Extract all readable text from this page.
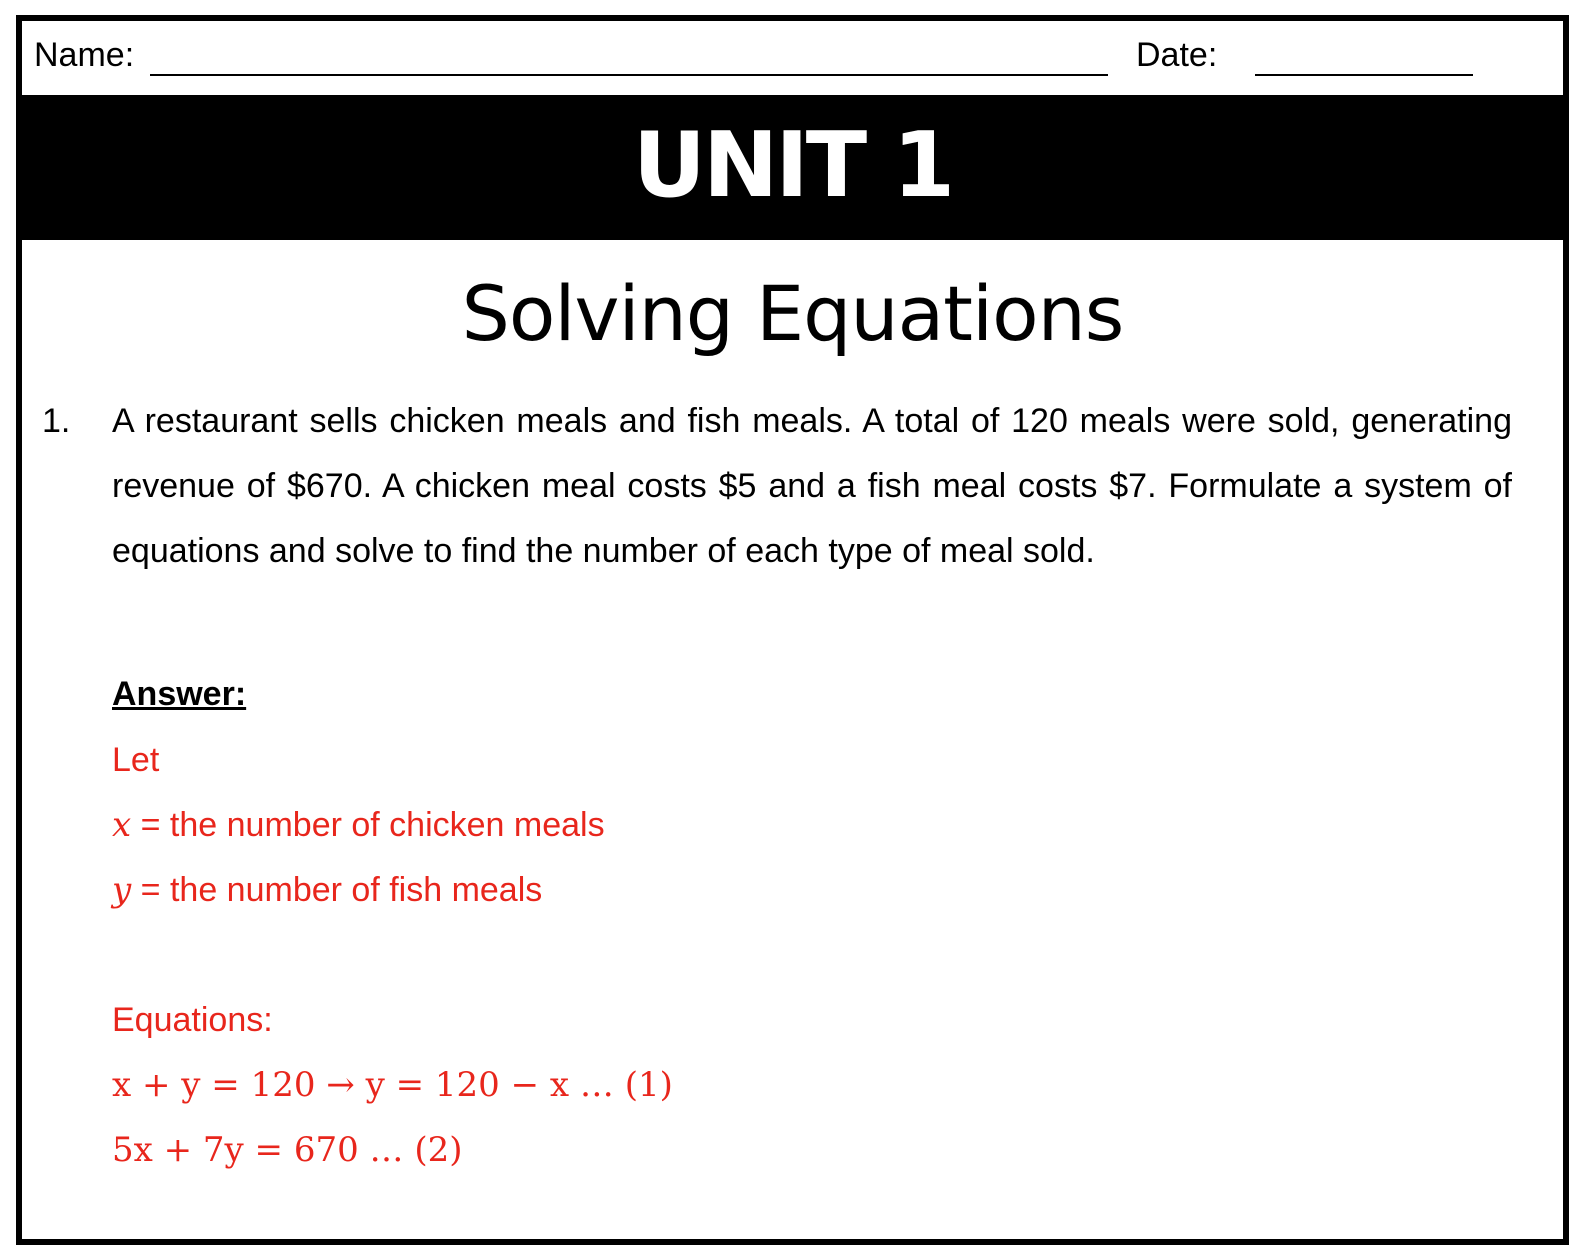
Name:	Date:
UNIT 1
Solving Equations
1. A restaurant sells chicken meals and fish meals. A total of 120 meals were sold, generating revenue of $670. A chicken meal costs $5 and a fish meal costs $7. Formulate a system of equations and solve to find the number of each type of meal sold.
Answer:
Let
x = the number of chicken meals
y = the number of fish meals
Equations:
x + y = 120 → y = 120 − x … (1)
5x + 7y = 670 … (2)
